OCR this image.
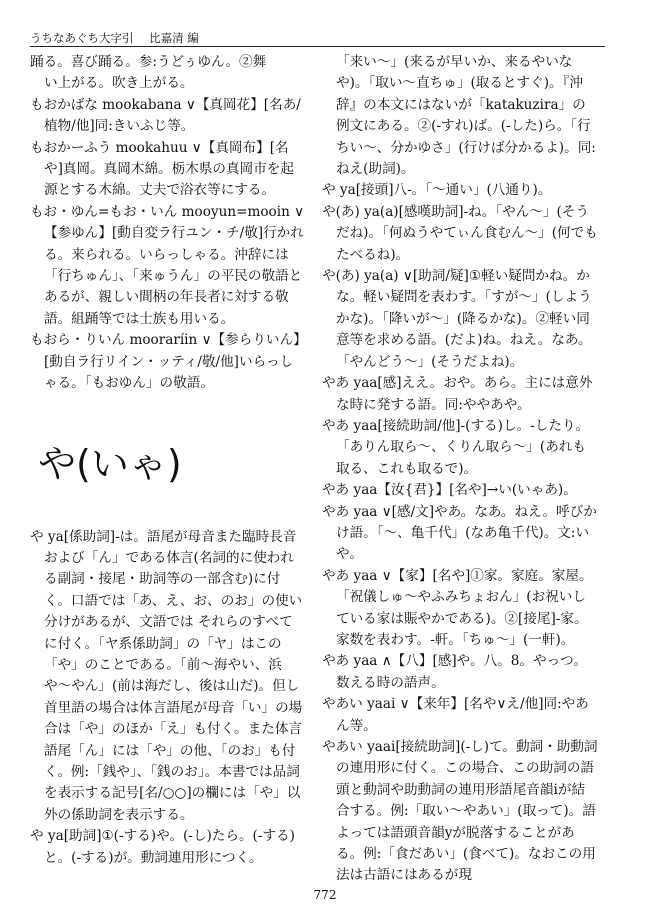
うちなあぐち大字引 比嘉清 編

踊る。喜び踊る。参:うどぅゆん。②舞

い上がる。吹き上がる。

もおかばな mookabana ∨【真岡花】[名あ/植物/他]同:きいふじ等。

もおかーふう mookahuu ∨【真岡布】[名や]真岡。真岡木綿。栃木県の真岡市を起源とする木綿。丈夫で浴衣等にする。

もお・ゆん=もお・いん mooyun=mooin ∨【参ゆん】[動自変ラ行ユン・チ/敬]行かれる。来られる。いらっしゃる。沖辞には「行ちゅん」、「来ゅうん」の平民の敬語とあるが、親しい間柄の年長者に対する敬語。組踊等では士族も用いる。

もおら・りいん mooraríin ∨【参らりいん】[動自ラ行リイン・ッティ/敬/他]いらっしゃる。「もおゆん」の敬語。

や(いゃ)

や ya[係助詞]-は。語尾が母音また臨時長音および「ん」である体言(名詞的に使われる副詞・接尾・助詞等の一部含む)に付く。口語では「あ、え、お、のお」の使い分けがあるが、文語では それらのすべてに付く。「ヤ系係助詞」の「ヤ」はこの「や」のことである。「前〜海やい、浜や〜やん」(前は海だし、後は山だ)。但し首里語の場合は体言語尾が母音「い」の場合は「や」のほか「え」も付く。また体言語尾「ん」には「や」の他、「のお」も付く。例:「銭や」、「銭のお」。本書では品詞を表示する記号[名/○○]の欄には「や」以外の係助詞を表示する。

や ya[助詞]①(-する)や。(-し)たら。(-する)と。(-する)が。動詞連用形につく。

「来い〜」(来るが早いか、来るやいなや)。「取い〜直ちゅ」(取るとすぐ)。『沖辞』の本文にはないが「katakuzira」の例文にある。②(-すれ)ば。(-した)ら。「行ちい〜、分かゆさ」(行けば分かるよ)。同:ねえ(助詞)。

や ya[接頭]八-。「〜通い」(八通り)。

や(あ) ya(a)[感嘆助詞]-ね。「やん〜」(そうだね)。「何ぬうやてぃん食むん〜」(何でもたべるね)。

や(あ) ya(a) ∨[助詞/疑]①軽い疑問かね。かな。軽い疑問を表わす。「すが〜」(しようかな)。「降いが〜」(降るかな)。②軽い同意等を求める語。(だよ)ね。ねえ。なあ。「やんどう〜」(そうだよね)。

やあ yaa[感]ええ。おや。あら。主には意外な時に発する語。同:ややあや。

やあ yaa[接続助詞/他]-(する)し。-したり。「ありん取ら〜、くりん取ら〜」(あれも取る、これも取るで)。

やあ yaa【汝{君}】[名や]→い(いゃあ)。

やあ yaa ∨[感/文]やあ。なあ。ねえ。呼びかけ語。「〜、亀千代」(なあ亀千代)。文:いや。

やあ yaa ∨【家】[名や]①家。家庭。家屋。「祝儀しゅ〜やふみちょおん」(お祝いしている家は賑やかである)。②[接尾]-家。家数を表わす。-軒。「ちゅ〜」(一軒)。

やあ yaa ∧【八】[感]や。八。8。やっつ。数える時の語声。

やあい yaai ∨【来年】[名や∨え/他]同:やあん等。

やあい yaai[接続助詞](-し)て。動詞・助動詞の連用形に付く。この場合、この助詞の語頭と動詞や助動詞の連用形語尾音韻iが結合する。例:「取い〜やあい」(取って)。語よっては語頭音韻yが脱落することがある。例:「食だあい」(食べて)。なおこの用法は古語にはあるが現

772
